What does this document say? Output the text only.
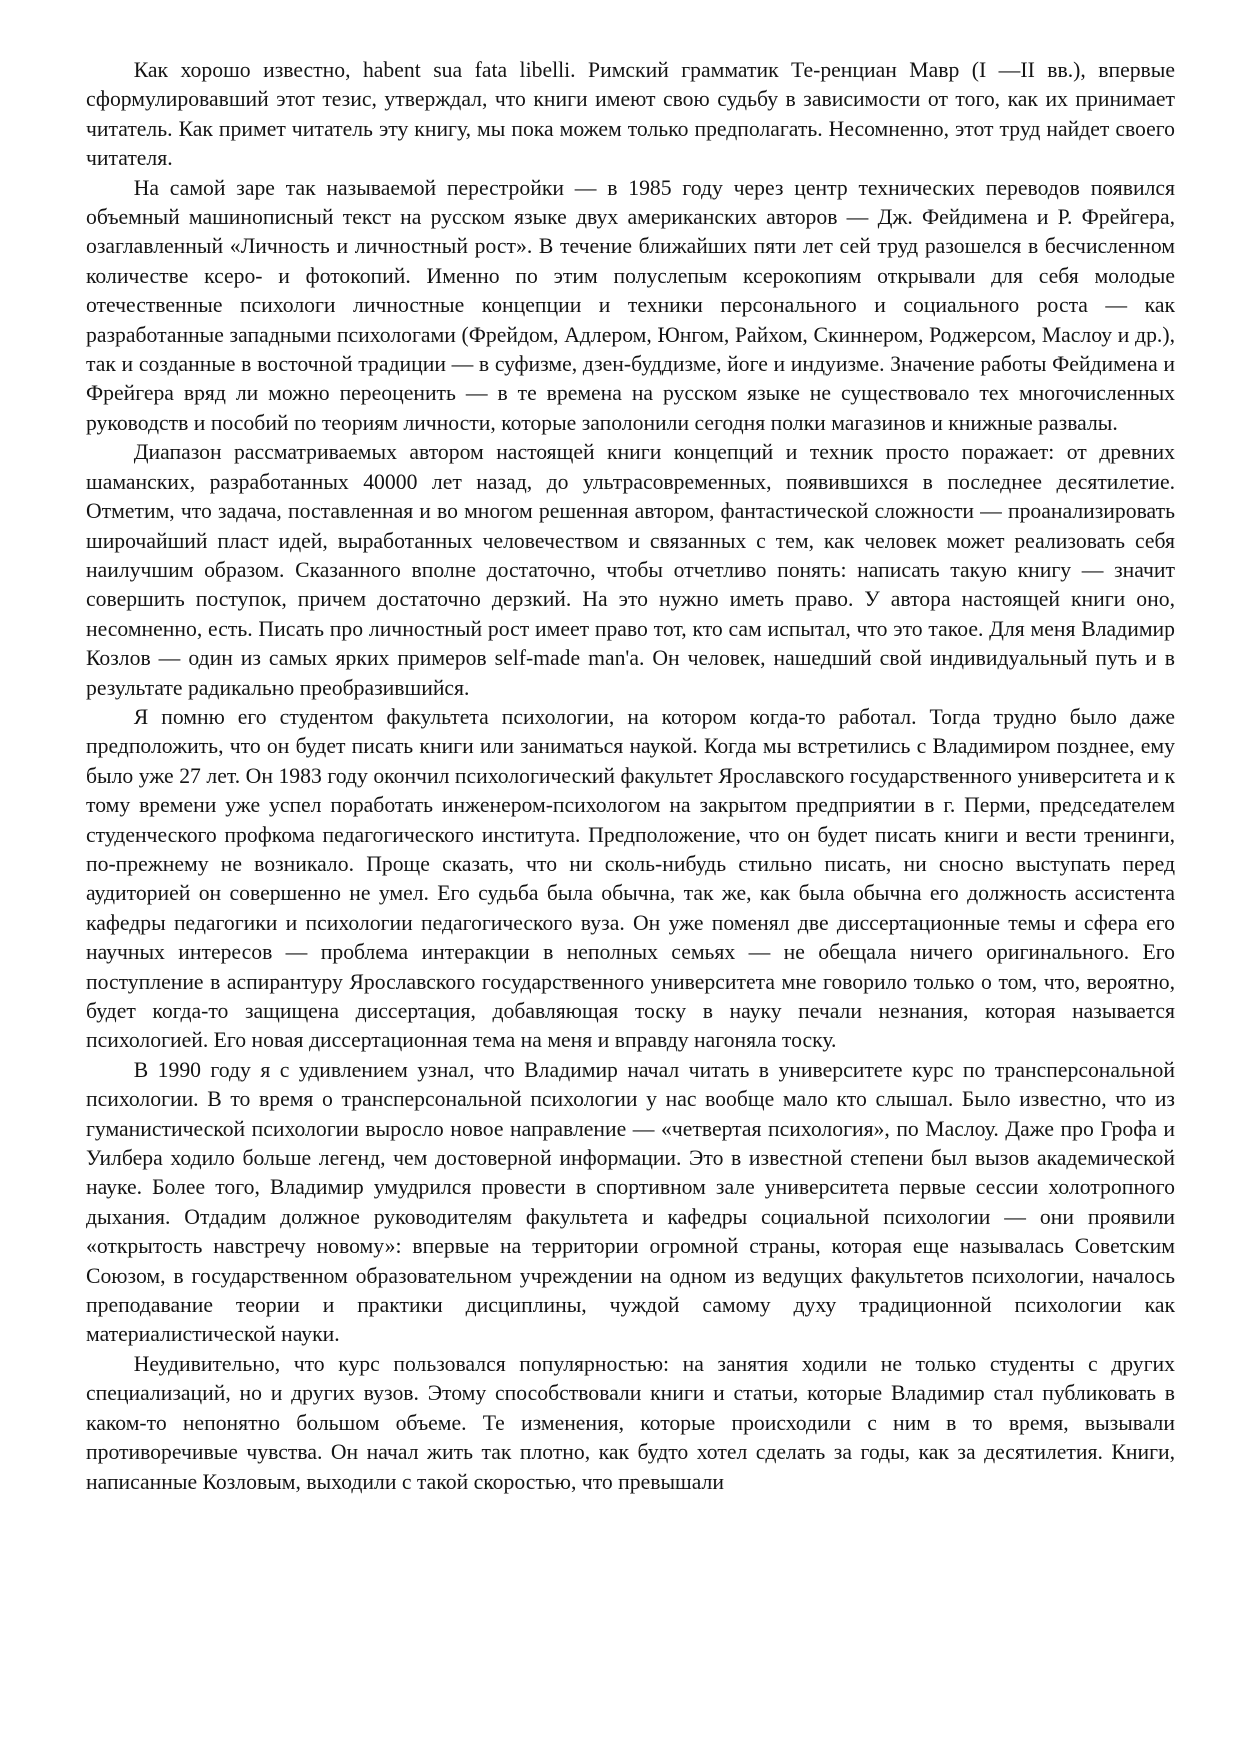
Как хорошо известно, habent sua fata libelli. Римский грамматик Те-ренциан Мавр (I —II вв.), впервые сформулировавший этот тезис, утверждал, что книги имеют свою судьбу в зависимости от того, как их принимает читатель. Как примет читатель эту книгу, мы пока можем только предполагать. Несомненно, этот труд найдет своего читателя.

На самой заре так называемой перестройки — в 1985 году через центр технических переводов появился объемный машинописный текст на русском языке двух американских авторов — Дж. Фейдимена и Р. Фрейгера, озаглавленный «Личность и личностный рост». В течение ближайших пяти лет сей труд разошелся в бесчисленном количестве ксеро- и фотокопий. Именно по этим полуслепым ксерокопиям открывали для себя молодые отечественные психологи личностные концепции и техники персонального и социального роста — как разработанные западными психологами (Фрейдом, Адлером, Юнгом, Райхом, Скиннером, Роджерсом, Маслоу и др.), так и созданные в восточной традиции — в суфизме, дзен-буддизме, йоге и индуизме. Значение работы Фейдимена и Фрейгера вряд ли можно переоценить — в те времена на русском языке не существовало тех многочисленных руководств и пособий по теориям личности, которые заполонили сегодня полки магазинов и книжные развалы.

Диапазон рассматриваемых автором настоящей книги концепций и техник просто поражает: от древних шаманских, разработанных 40000 лет назад, до ультрасовременных, появившихся в последнее десятилетие. Отметим, что задача, поставленная и во многом решенная автором, фантастической сложности — проанализировать широчайший пласт идей, выработанных человечеством и связанных с тем, как человек может реализовать себя наилучшим образом. Сказанного вполне достаточно, чтобы отчетливо понять: написать такую книгу — значит совершить поступок, причем достаточно дерзкий. На это нужно иметь право. У автора настоящей книги оно, несомненно, есть. Писать про личностный рост имеет право тот, кто сам испытал, что это такое. Для меня Владимир Козлов — один из самых ярких примеров self-made man'a. Он человек, нашедший свой индивидуальный путь и в результате радикально преобразившийся.

Я помню его студентом факультета психологии, на котором когда-то работал. Тогда трудно было даже предположить, что он будет писать книги или заниматься наукой. Когда мы встретились с Владимиром позднее, ему было уже 27 лет. Он 1983 году окончил психологический факультет Ярославского государственного университета и к тому времени уже успел поработать инженером-психологом на закрытом предприятии в г. Перми, председателем студенческого профкома педагогического института. Предположение, что он будет писать книги и вести тренинги, по-прежнему не возникало. Проще сказать, что ни сколь-нибудь стильно писать, ни сносно выступать перед аудиторией он совершенно не умел. Его судьба была обычна, так же, как была обычна его должность ассистента кафедры педагогики и психологии педагогического вуза. Он уже поменял две диссертационные темы и сфера его научных интересов — проблема интеракции в неполных семьях — не обещала ничего оригинального. Его поступление в аспирантуру Ярославского государственного университета мне говорило только о том, что, вероятно, будет когда-то защищена диссертация, добавляющая тоску в науку печали незнания, которая называется психологией. Его новая диссертационная тема на меня и вправду нагоняла тоску.

В 1990 году я с удивлением узнал, что Владимир начал читать в университете курс по трансперсональной психологии. В то время о трансперсональной психологии у нас вообще мало кто слышал. Было известно, что из гуманистической психологии выросло новое направление — «четвертая психология», по Маслоу. Даже про Грофа и Уилбера ходило больше легенд, чем достоверной информации. Это в известной степени был вызов академической науке. Более того, Владимир умудрился провести в спортивном зале университета первые сессии холотропного дыхания. Отдадим должное руководителям факультета и кафедры социальной психологии — они проявили «открытость навстречу новому»: впервые на территории огромной страны, которая еще называлась Советским Союзом, в государственном образовательном учреждении на одном из ведущих факультетов психологии, началось преподавание теории и практики дисциплины, чуждой самому духу традиционной психологии как материалистической науки.

Неудивительно, что курс пользовался популярностью: на занятия ходили не только студенты с других специализаций, но и других вузов. Этому способствовали книги и статьи, которые Владимир стал публиковать в каком-то непонятно большом объеме. Те изменения, которые происходили с ним в то время, вызывали противоречивые чувства. Он начал жить так плотно, как будто хотел сделать за годы, как за десятилетия. Книги, написанные Козловым, выходили с такой скоростью, что превышали
